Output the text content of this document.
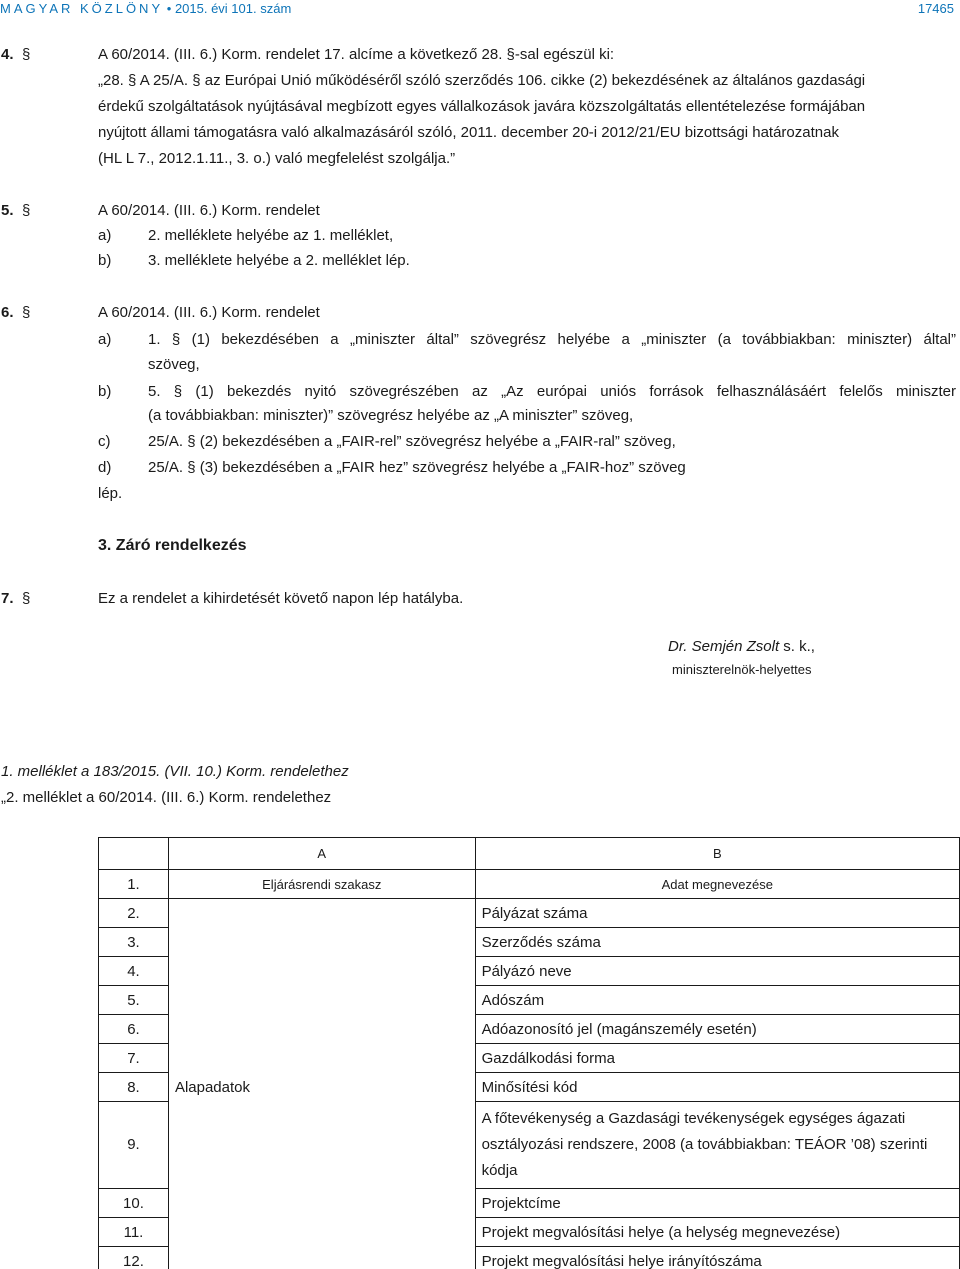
MAGYAR KÖZLÖNY • 2015. évi 101. szám	17465
4. §	A 60/2014. (III. 6.) Korm. rendelet 17. alcíme a következő 28. §-sal egészül ki:
„28. § A 25/A. § az Európai Unió működéséről szóló szerződés 106. cikke (2) bekezdésének az általános gazdasági
érdekű szolgáltatások nyújtásával megbízott egyes vállalkozások javára közszolgáltatás ellentételezése formájában
nyújtott állami támogatásra való alkalmazásáról szóló, 2011. december 20-i 2012/21/EU bizottsági határozatnak
(HL L 7., 2012.1.11., 3. o.) való megfelelést szolgálja.”
5. §	A 60/2014. (III. 6.) Korm. rendelet
a) 2. melléklete helyébe az 1. melléklet,
b) 3. melléklete helyébe a 2. melléklet lép.
6. §	A 60/2014. (III. 6.) Korm. rendelet
a) 1. § (1) bekezdésében a „miniszter által” szövegrész helyébe a „miniszter (a továbbiakban: miniszter) által”
szöveg,
b) 5. § (1) bekezdés nyitó szövegrészében az „Az európai uniós források felhasználásáért felelős miniszter
(a továbbiakban: miniszter)” szövegrész helyébe az „A miniszter” szöveg,
c)	25/A. § (2) bekezdésében a „FAIR-rel” szövegrész helyébe a „FAIR-ral” szöveg,
d) 25/A. § (3) bekezdésében a „FAIR hez” szövegrész helyébe a „FAIR-hoz” szöveg
lép.
3. Záró rendelkezés
7. §	Ez a rendelet a kihirdetését követő napon lép hatályba.
Dr. Semjén Zsolt s. k.,
miniszterelnök-helyettes
1. melléklet a 183/2015. (VII. 10.) Korm. rendelethez
„2. melléklet a 60/2014. (III. 6.) Korm. rendelethez
	A	B
1.	Eljárásrendi szakasz	Adat megnevezése
2.	Alapadatok	Pályázat száma
3.		Szerződés száma
4.		Pályázó neve
5.		Adószám
6.		Adóazonosító jel (magánszemély esetén)
7.		Gazdálkodási forma
8.		Minősítési kód
9.		A főtevékenység a Gazdasági tevékenységek egységes ágazati osztályozási rendszere, 2008 (a továbbiakban: TEÁOR ’08) szerinti kódja
10.		Projektcíme
11.		Projekt megvalósítási helye (a helység megnevezése)
12.		Projekt megvalósítási helye irányítószáma
